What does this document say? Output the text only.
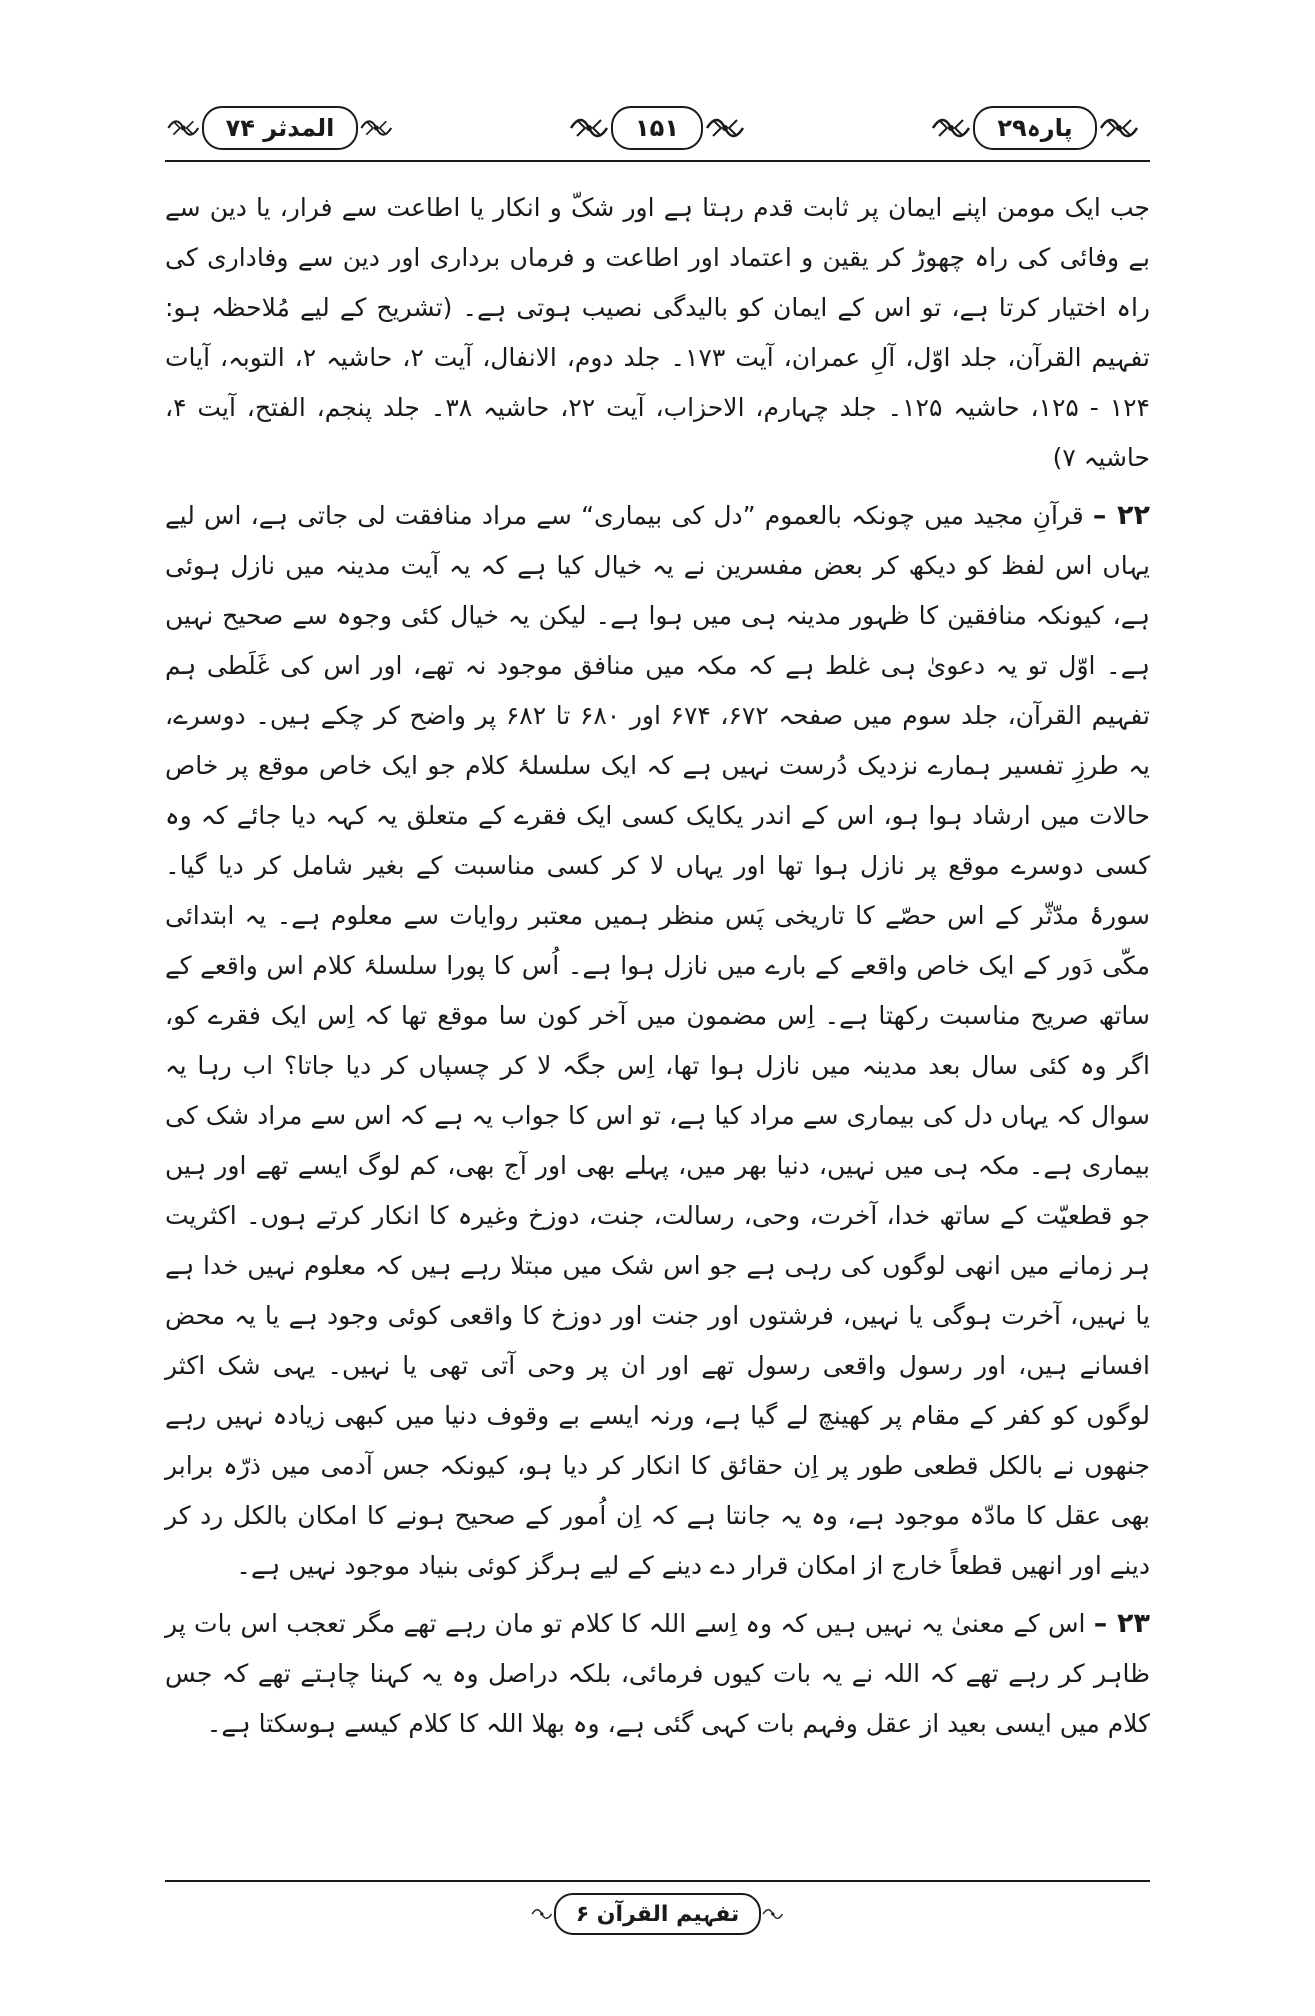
پارہ۲۹
۱۵۱
المدثر ۷۴

جب ایک مومن اپنے ایمان پر ثابت قدم رہتا ہے اور شکّ و انکار یا اطاعت سے فرار، یا دین سے بے وفائی کی راہ چھوڑ کر یقین و اعتماد اور اطاعت و فرماں برداری اور دین سے وفاداری کی راہ اختیار کرتا ہے، تو اس کے ایمان کو بالیدگی نصیب ہوتی ہے۔ (تشریح کے لیے مُلاحظہ ہو: تفہیم القرآن، جلد اوّل، آلِ عمران، آیت ۱۷۳۔ جلد دوم، الانفال، آیت ۲، حاشیہ ۲، التوبہ، آیات ۱۲۴ - ۱۲۵، حاشیہ ۱۲۵۔ جلد چہارم، الاحزاب، آیت ۲۲، حاشیہ ۳۸۔ جلد پنجم، الفتح، آیت ۴، حاشیہ ۷)

۲۲ – قرآنِ مجید میں چونکہ بالعموم ”دل کی بیماری“ سے مراد منافقت لی جاتی ہے، اس لیے یہاں اس لفظ کو دیکھ کر بعض مفسرین نے یہ خیال کیا ہے کہ یہ آیت مدینہ میں نازل ہوئی ہے، کیونکہ منافقین کا ظہور مدینہ ہی میں ہوا ہے۔ لیکن یہ خیال کئی وجوہ سے صحیح نہیں ہے۔ اوّل تو یہ دعویٰ ہی غلط ہے کہ مکہ میں منافق موجود نہ تھے، اور اس کی غَلَطی ہم تفہیم القرآن، جلد سوم میں صفحہ ۶۷۲، ۶۷۴ اور ۶۸۰ تا ۶۸۲ پر واضح کر چکے ہیں۔ دوسرے، یہ طرزِ تفسیر ہمارے نزدیک دُرست نہیں ہے کہ ایک سلسلۂ کلام جو ایک خاص موقع پر خاص حالات میں ارشاد ہوا ہو، اس کے اندر یکایک کسی ایک فقرے کے متعلق یہ کہہ دیا جائے کہ وہ کسی دوسرے موقع پر نازل ہوا تھا اور یہاں لا کر کسی مناسبت کے بغیر شامل کر دیا گیا۔ سورۂ مدّثّر کے اس حصّے کا تاریخی پَس منظر ہمیں معتبر روایات سے معلوم ہے۔ یہ ابتدائی مکّی دَور کے ایک خاص واقعے کے بارے میں نازل ہوا ہے۔ اُس کا پورا سلسلۂ کلام اس واقعے کے ساتھ صریح مناسبت رکھتا ہے۔ اِس مضمون میں آخر کون سا موقع تھا کہ اِس ایک فقرے کو، اگر وہ کئی سال بعد مدینہ میں نازل ہوا تھا، اِس جگہ لا کر چسپاں کر دیا جاتا؟ اب رہا یہ سوال کہ یہاں دل کی بیماری سے مراد کیا ہے، تو اس کا جواب یہ ہے کہ اس سے مراد شک کی بیماری ہے۔ مکہ ہی میں نہیں، دنیا بھر میں، پہلے بھی اور آج بھی، کم لوگ ایسے تھے اور ہیں جو قطعیّت کے ساتھ خدا، آخرت، وحی، رسالت، جنت، دوزخ وغیرہ کا انکار کرتے ہوں۔ اکثریت ہر زمانے میں انھی لوگوں کی رہی ہے جو اس شک میں مبتلا رہے ہیں کہ معلوم نہیں خدا ہے یا نہیں، آخرت ہوگی یا نہیں، فرشتوں اور جنت اور دوزخ کا واقعی کوئی وجود ہے یا یہ محض افسانے ہیں، اور رسول واقعی رسول تھے اور ان پر وحی آتی تھی یا نہیں۔ یہی شک اکثر لوگوں کو کفر کے مقام پر کھینچ لے گیا ہے، ورنہ ایسے بے وقوف دنیا میں کبھی زیادہ نہیں رہے جنھوں نے بالکل قطعی طور پر اِن حقائق کا انکار کر دیا ہو، کیونکہ جس آدمی میں ذرّہ برابر بھی عقل کا مادّہ موجود ہے، وہ یہ جانتا ہے کہ اِن اُمور کے صحیح ہونے کا امکان بالکل رد کر دینے اور انھیں قطعاً خارج از امکان قرار دے دینے کے لیے ہرگز کوئی بنیاد موجود نہیں ہے۔

۲۳ – اس کے معنیٰ یہ نہیں ہیں کہ وہ اِسے اللہ کا کلام تو مان رہے تھے مگر تعجب اس بات پر ظاہر کر رہے تھے کہ اللہ نے یہ بات کیوں فرمائی، بلکہ دراصل وہ یہ کہنا چاہتے تھے کہ جس کلام میں ایسی بعید از عقل وفہم بات کہی گئی ہے، وہ بھلا اللہ کا کلام کیسے ہوسکتا ہے۔

تفہیم القرآن ۶
